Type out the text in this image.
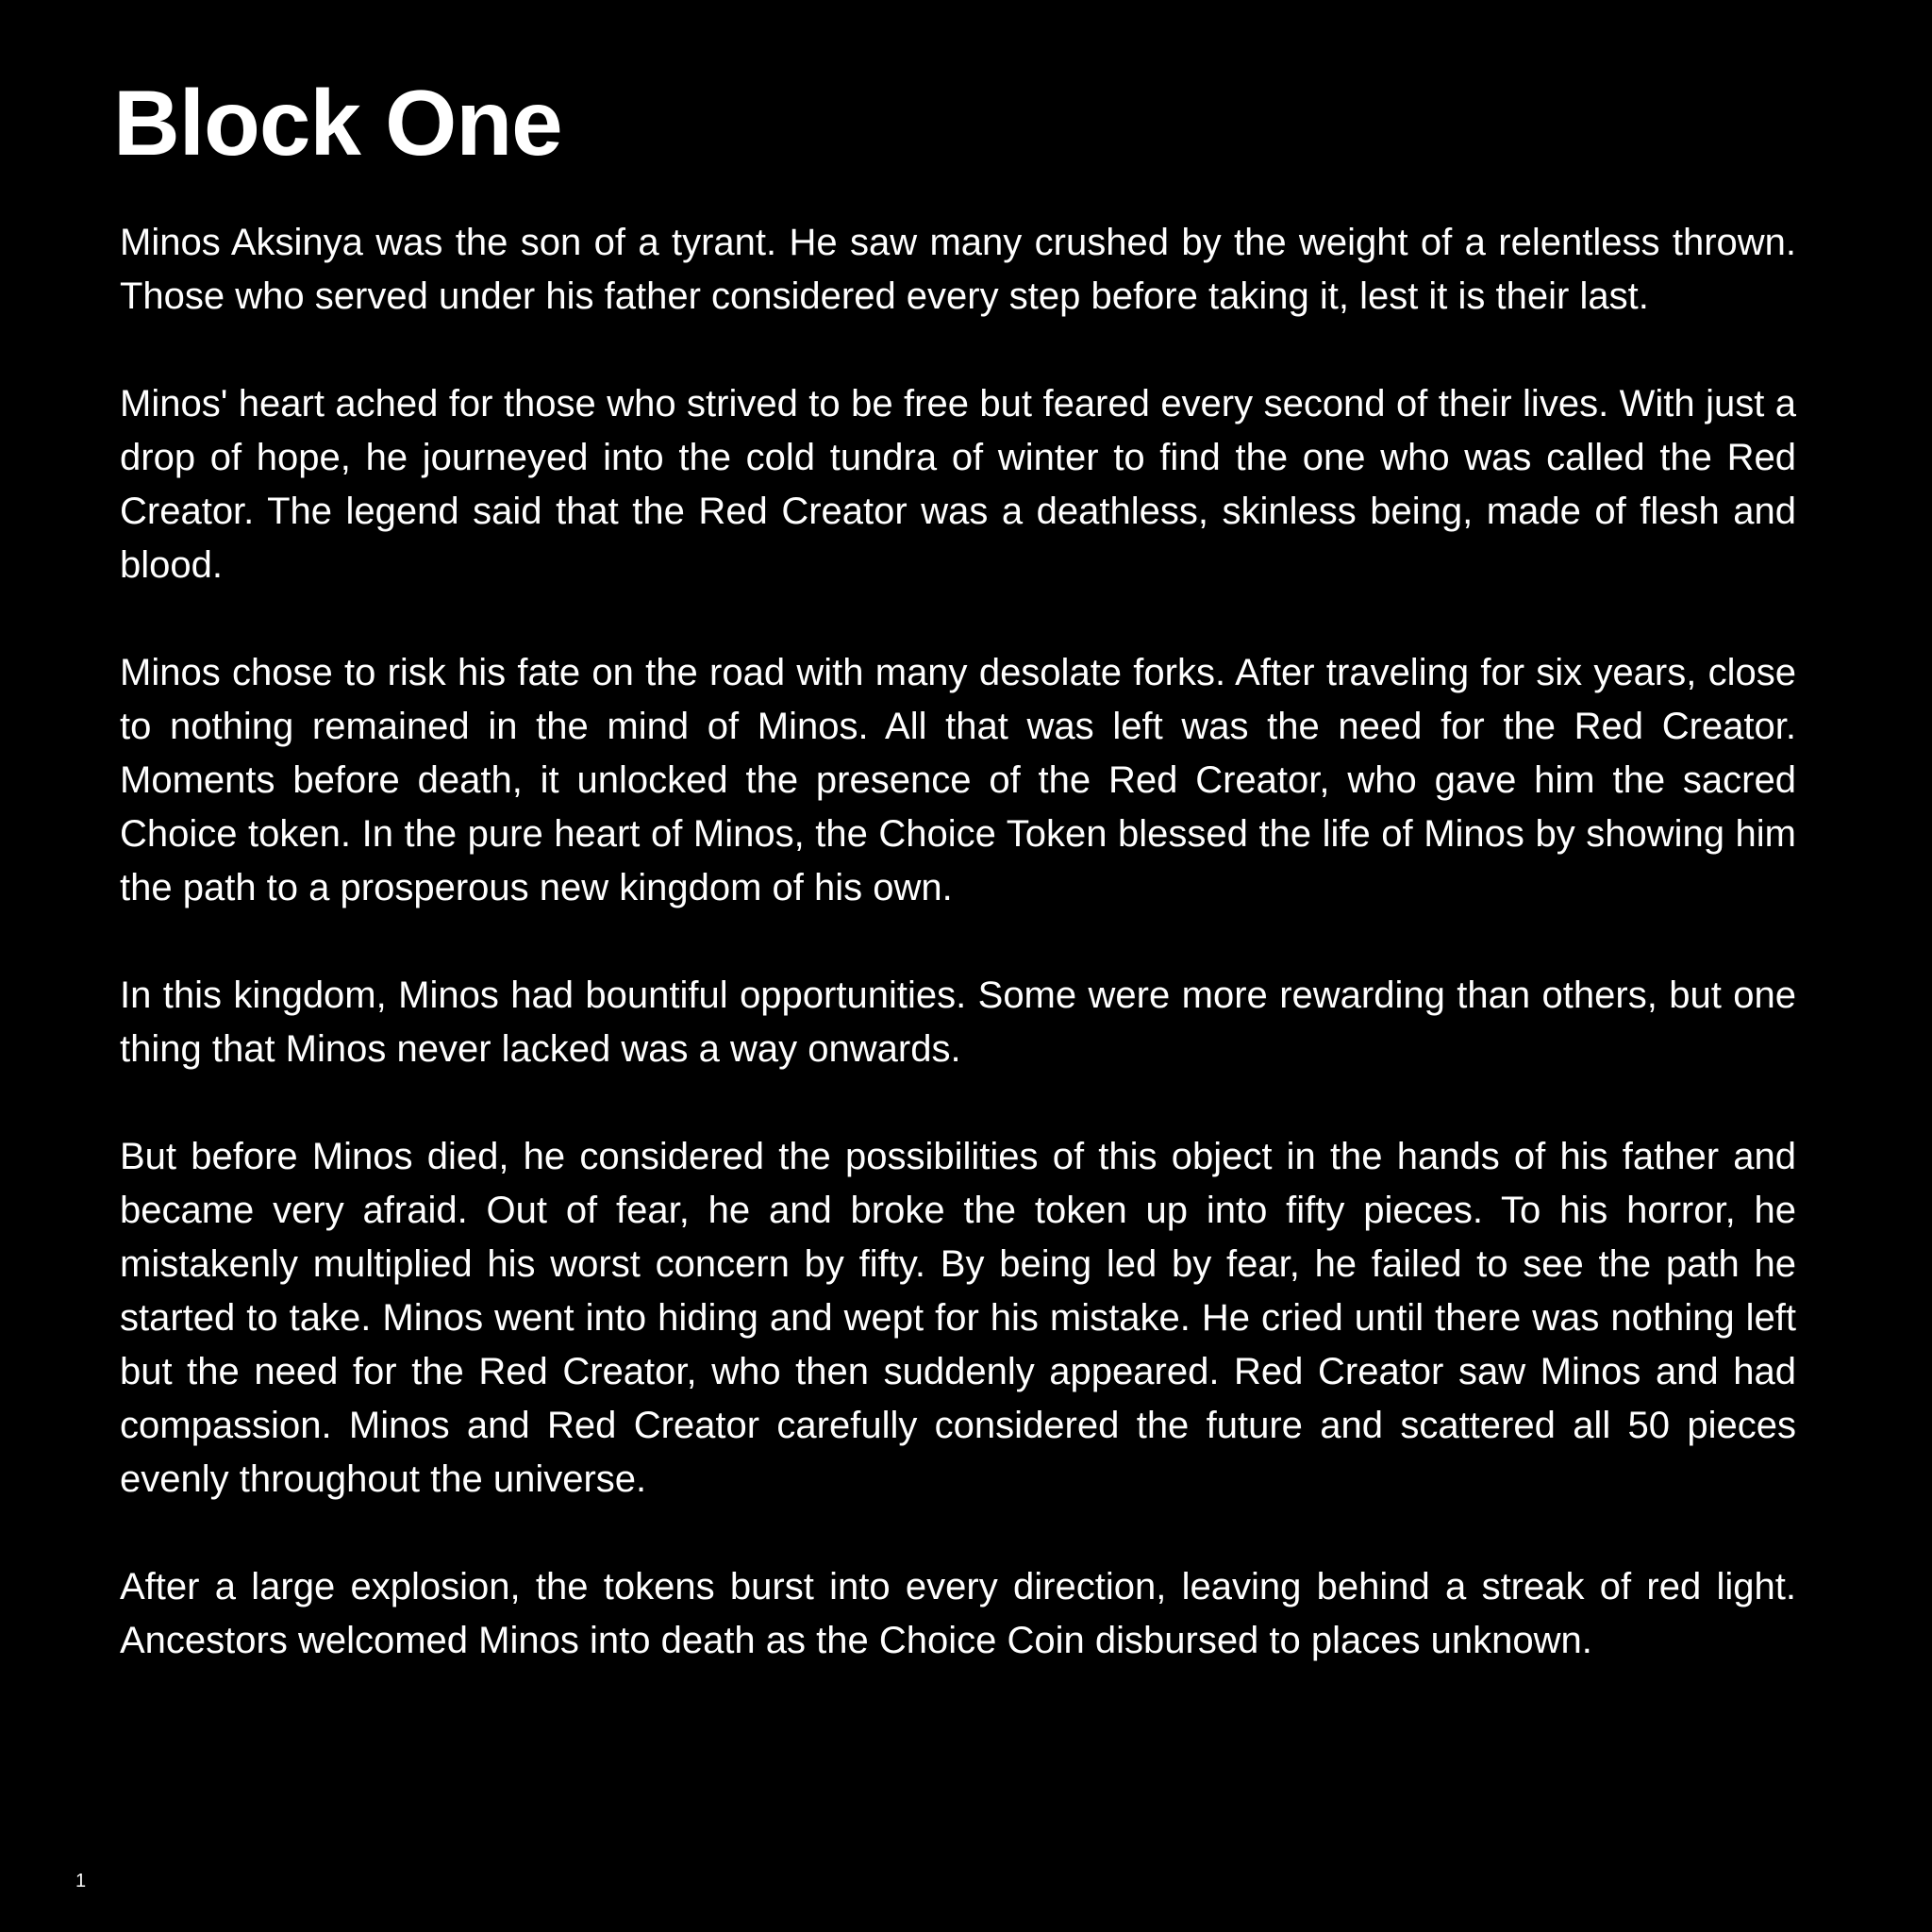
Block One

Minos Aksinya was the son of a tyrant. He saw many crushed by the weight of a relentless thrown. Those who served under his father considered every step before taking it, lest it is their last.

Minos' heart ached for those who strived to be free but feared every second of their lives. With just a drop of hope, he journeyed into the cold tundra of winter to find the one who was called the Red Creator. The legend said that the Red Creator was a deathless, skinless being, made of flesh and blood.

Minos chose to risk his fate on the road with many desolate forks. After traveling for six years, close to nothing remained in the mind of Minos. All that was left was the need for the Red Creator. Moments before death, it unlocked the presence of the Red Creator, who gave him the sacred Choice token. In the pure heart of Minos, the Choice Token blessed the life of Minos by showing him the path to a prosperous new kingdom of his own.

In this kingdom, Minos had bountiful opportunities. Some were more rewarding than others, but one thing that Minos never lacked was a way onwards.

But before Minos died, he considered the possibilities of this object in the hands of his father and became very afraid. Out of fear, he and broke the token up into fifty pieces. To his horror, he mistakenly multiplied his worst concern by fifty. By being led by fear, he failed to see the path he started to take. Minos went into hiding and wept for his mistake. He cried until there was nothing left but the need for the Red Creator, who then suddenly appeared. Red Creator saw Minos and had compassion. Minos and Red Creator carefully considered the future and scattered all 50 pieces evenly throughout the universe.

After a large explosion, the tokens burst into every direction, leaving behind a streak of red light. Ancestors welcomed Minos into death as the Choice Coin disbursed to places unknown.

1
